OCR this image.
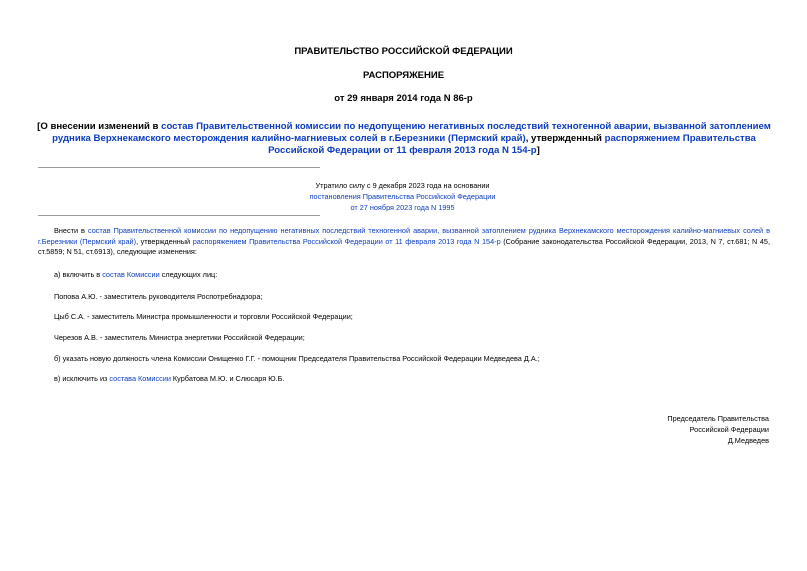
ПРАВИТЕЛЬСТВО РОССИЙСКОЙ ФЕДЕРАЦИИ
РАСПОРЯЖЕНИЕ
от 29 января 2014 года N 86-р
[О внесении изменений в состав Правительственной комиссии по недопущению негативных последствий техногенной аварии, вызванной затоплением рудника Верхнекамского месторождения калийно-магниевых солей в г.Березники (Пермский край), утвержденный распоряжением Правительства Российской Федерации от 11 февраля 2013 года N 154-р]
Утратило силу с 9 декабря 2023 года на основании
постановления Правительства Российской Федерации
от 27 ноября 2023 года N 1995
Внести в состав Правительственной комиссии по недопущению негативных последствий техногенной аварии, вызванной затоплением рудника Верхнекамского месторождения калийно-магниевых солей в г.Березники (Пермский край), утвержденный распоряжением Правительства Российской Федерации от 11 февраля 2013 года N 154-р (Собрание законодательства Российской Федерации, 2013, N 7, ст.681; N 45, ст.5859; N 51, ст.6913), следующие изменения:
а) включить в состав Комиссии следующих лиц:
Попова А.Ю. - заместитель руководителя Роспотребнадзора;
Цыб С.А. - заместитель Министра промышленности и торговли Российской Федерации;
Черезов А.В. - заместитель Министра энергетики Российской Федерации;
б) указать новую должность члена Комиссии Онищенко Г.Г. - помощник Председателя Правительства Российской Федерации Медведева Д.А.;
в) исключить из состава Комиссии Курбатова М.Ю. и Слюсаря Ю.Б.
Председатель Правительства
Российской Федерации
Д.Медведев
